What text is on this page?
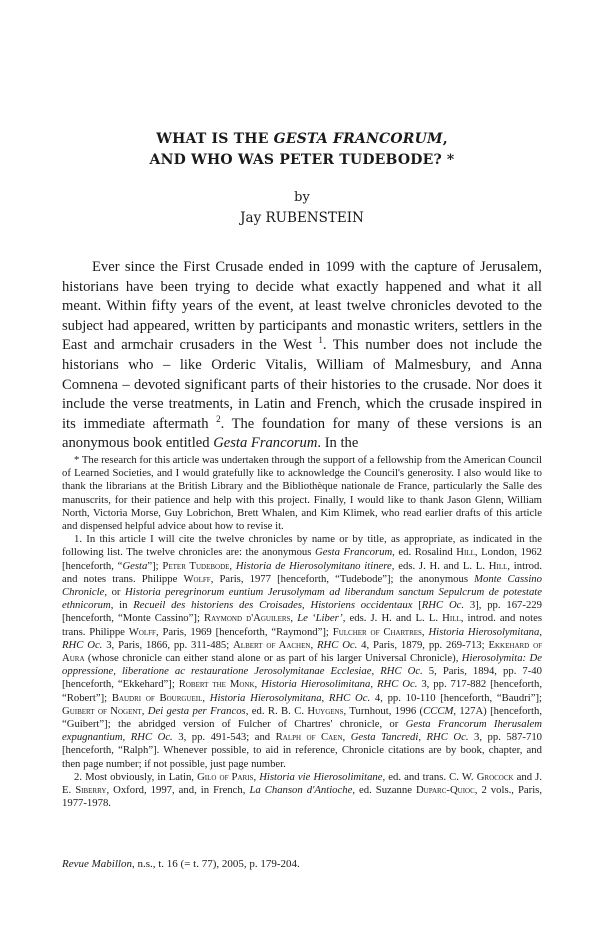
WHAT IS THE GESTA FRANCORUM,
AND WHO WAS PETER TUDEBODE? *
by
Jay RUBENSTEIN

Ever since the First Crusade ended in 1099 with the capture of Jerusalem, historians have been trying to decide what exactly happened and what it all meant. Within fifty years of the event, at least twelve chronicles devoted to the subject had appeared, written by participants and monastic writers, settlers in the East and armchair crusaders in the West $^1$. This number does not include the historians who – like Orderic Vitalis, William of Malmesbury, and Anna Comnena – devoted significant parts of their histories to the crusade. Nor does it include the verse treatments, in Latin and French, which the crusade inspired in its immediate aftermath $^2$. The foundation for many of these versions is an anonymous book entitled Gesta Francorum. In the

* The research for this article was undertaken through the support of a fellowship from the American Council of Learned Societies, and I would gratefully like to acknowledge the Council's generosity. I also would like to thank the librarians at the British Library and the Bibliothèque nationale de France, particularly the Salle des manuscrits, for their patience and help with this project. Finally, I would like to thank Jason Glenn, William North, Victoria Morse, Guy Lobrichon, Brett Whalen, and Kim Klimek, who read earlier drafts of this article and dispensed helpful advice about how to revise it.

1. In this article I will cite the twelve chronicles by name or by title, as appropriate, as indicated in the following list. The twelve chronicles are: the anonymous Gesta Francorum, ed. Rosalind Hill, London, 1962 [henceforth, “Gesta”]; Peter Tudebode, Historia de Hierosolymitano itinere, eds. J. H. and L. L. Hill, introd. and notes trans. Philippe Wolff, Paris, 1977 [henceforth, “Tudebode”]; the anonymous Monte Cassino Chronicle, or Historia peregrinorum euntium Jerusolymam ad liberandum sanctum Sepulcrum de potestate ethnicorum, in Recueil des historiens des Croisades, Historiens occidentaux [RHC Oc. 3], pp. 167-229 [henceforth, “Monte Cassino”]; Raymond d'Aguilers, Le ‘Liber’, eds. J. H. and L. L. Hill, introd. and notes trans. Philippe Wolff, Paris, 1969 [henceforth, “Raymond”]; Fulcher of Chartres, Historia Hierosolymitana, RHC Oc. 3, Paris, 1866, pp. 311-485; Albert of Aachen, RHC Oc. 4, Paris, 1879, pp. 269-713; Ekkehard of Aura (whose chronicle can either stand alone or as part of his larger Universal Chronicle), Hierosolymita: De oppressione, liberatione ac restauratione Jerosolymitanae Ecclesiae, RHC Oc. 5, Paris, 1894, pp. 7-40 [henceforth, “Ekkehard”]; Robert the Monk, Historia Hierosolimitana, RHC Oc. 3, pp. 717-882 [henceforth, “Robert”]; Baudri of Bourgueil, Historia Hierosolymitana, RHC Oc. 4, pp. 10-110 [henceforth, “Baudri”]; Guibert of Nogent, Dei gesta per Francos, ed. R. B. C. Huygens, Turnhout, 1996 (CCCM, 127A) [henceforth, “Guibert”]; the abridged version of Fulcher of Chartres' chronicle, or Gesta Francorum Iherusalem expugnantium, RHC Oc. 3, pp. 491-543; and Ralph of Caen, Gesta Tancredi, RHC Oc. 3, pp. 587-710 [henceforth, “Ralph”]. Whenever possible, to aid in reference, Chronicle citations are by book, chapter, and then page number; if not possible, just page number.

2. Most obviously, in Latin, Gilo of Paris, Historia vie Hierosolimitane, ed. and trans. C. W. Grocock and J. E. Siberry, Oxford, 1997, and, in French, La Chanson d'Antioche, ed. Suzanne Duparc-Quioc, 2 vols., Paris, 1977-1978.

Revue Mabillon, n.s., t. 16 (= t. 77), 2005, p. 179-204.
